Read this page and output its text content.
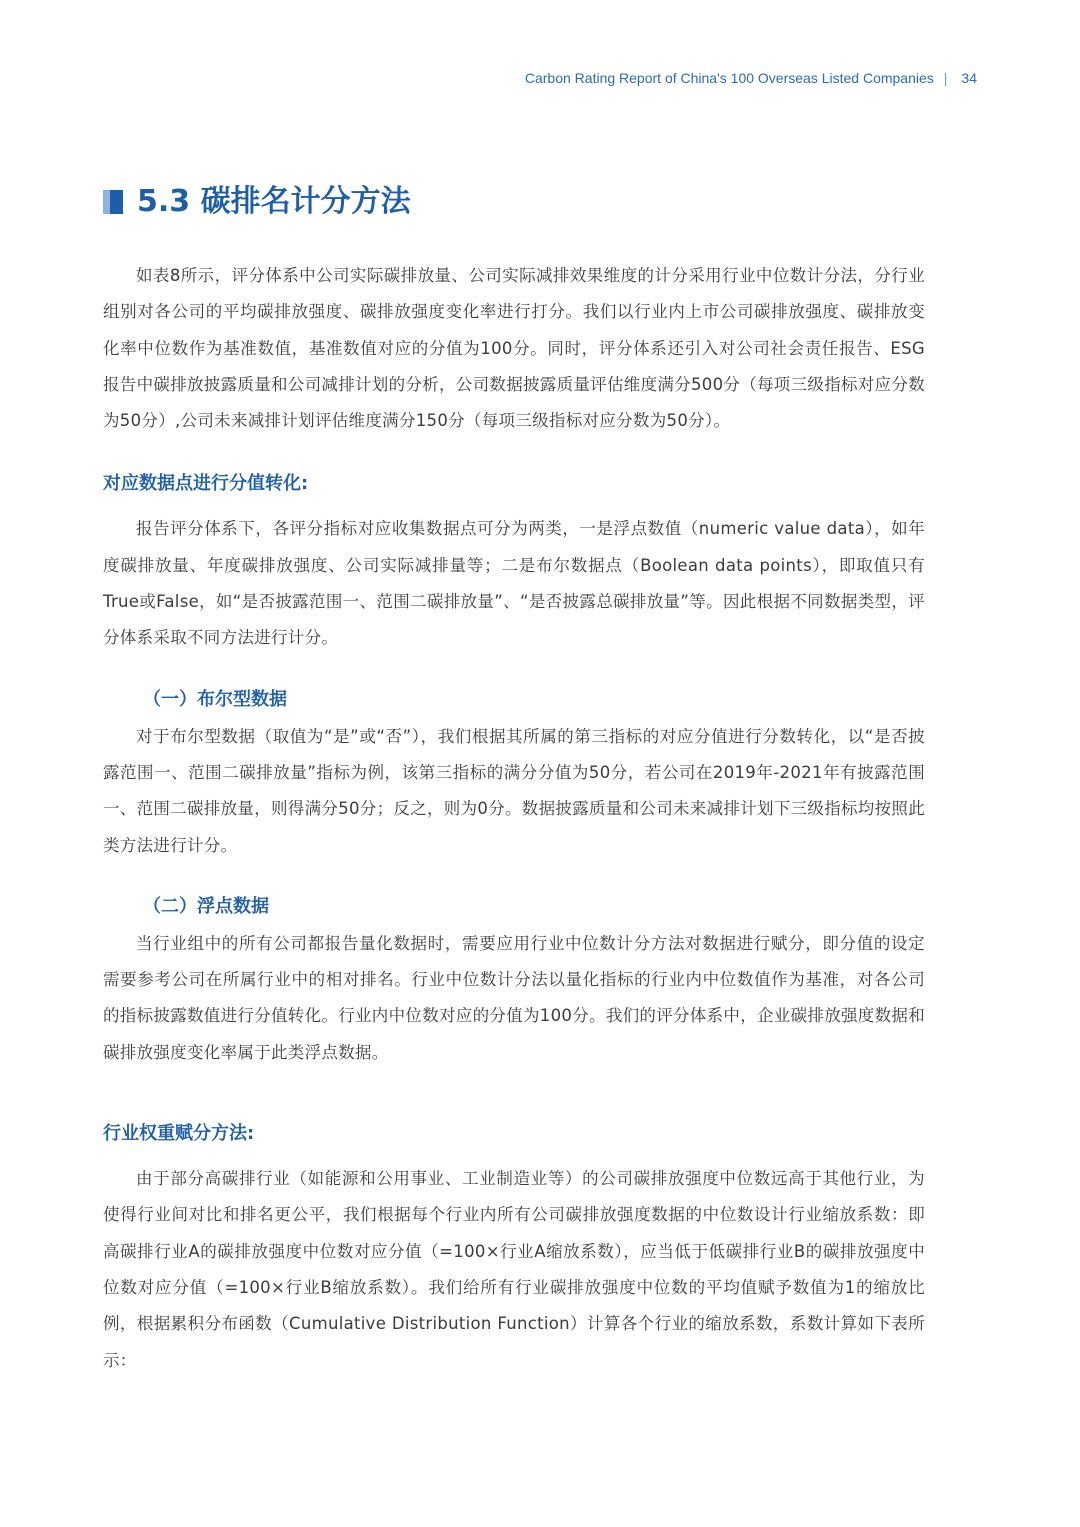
Carbon Rating Report of China's 100 Overseas Listed Companies | 34
5.3 碳排名计分方法

如表8所示，评分体系中公司实际碳排放量、公司实际减排效果维度的计分采用行业中位数计分法，分行业组别对各公司的平均碳排放强度、碳排放强度变化率进行打分。我们以行业内上市公司碳排放强度、碳排放变化率中位数作为基准数值，基准数值对应的分值为100分。同时，评分体系还引入对公司社会责任报告、ESG报告中碳排放披露质量和公司减排计划的分析，公司数据披露质量评估维度满分500分（每项三级指标对应分数为50分）,公司未来减排计划评估维度满分150分（每项三级指标对应分数为50分）。

对应数据点进行分值转化:

报告评分体系下，各评分指标对应收集数据点可分为两类，一是浮点数值（numeric value data），如年度碳排放量、年度碳排放强度、公司实际减排量等；二是布尔数据点（Boolean data points），即取值只有True或False，如“是否披露范围一、范围二碳排放量”、“是否披露总碳排放量”等。因此根据不同数据类型，评分体系采取不同方法进行计分。

（一）布尔型数据

对于布尔型数据（取值为“是”或“否”），我们根据其所属的第三指标的对应分值进行分数转化，以“是否披露范围一、范围二碳排放量”指标为例，该第三指标的满分分值为50分，若公司在2019年-2021年有披露范围一、范围二碳排放量，则得满分50分；反之，则为0分。数据披露质量和公司未来减排计划下三级指标均按照此类方法进行计分。

（二）浮点数据

当行业组中的所有公司都报告量化数据时，需要应用行业中位数计分方法对数据进行赋分，即分值的设定需要参考公司在所属行业中的相对排名。行业中位数计分法以量化指标的行业内中位数值作为基准，对各公司的指标披露数值进行分值转化。行业内中位数对应的分值为100分。我们的评分体系中，企业碳排放强度数据和碳排放强度变化率属于此类浮点数据。

行业权重赋分方法:

由于部分高碳排行业（如能源和公用事业、工业制造业等）的公司碳排放强度中位数远高于其他行业，为使得行业间对比和排名更公平，我们根据每个行业内所有公司碳排放强度数据的中位数设计行业缩放系数：即高碳排行业A的碳排放强度中位数对应分值（=100×行业A缩放系数），应当低于低碳排行业B的碳排放强度中位数对应分值（=100×行业B缩放系数）。我们给所有行业碳排放强度中位数的平均值赋予数值为1的缩放比例，根据累积分布函数（Cumulative Distribution Function）计算各个行业的缩放系数，系数计算如下表所示：
